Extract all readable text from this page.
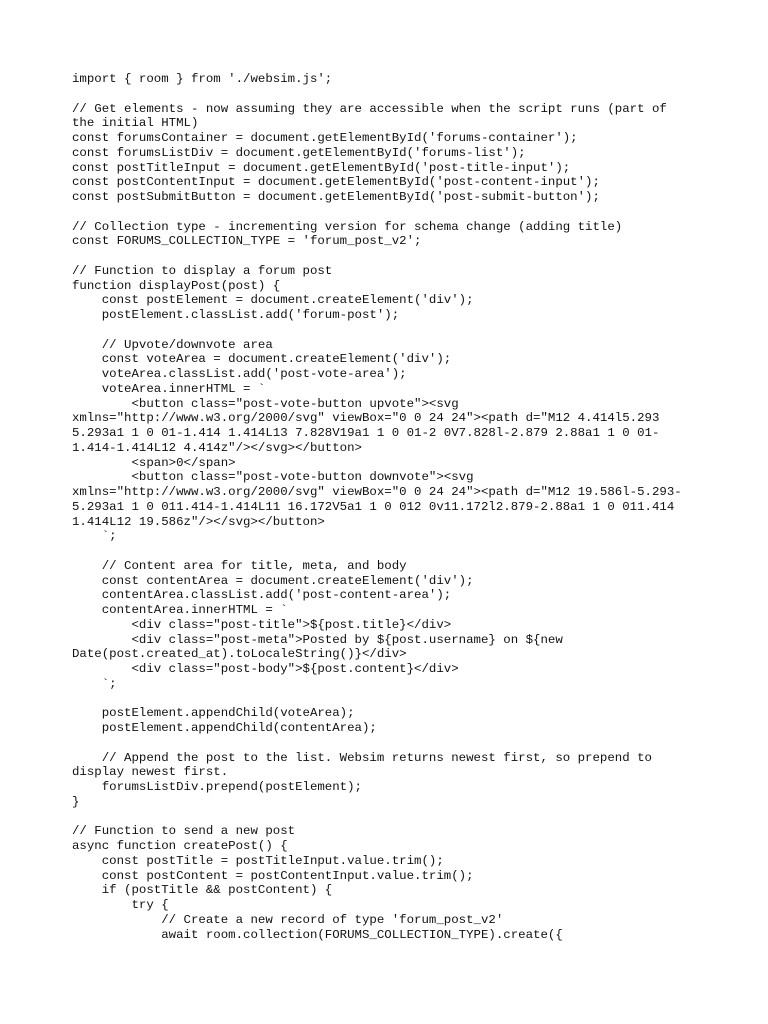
import { room } from './websim.js';
// Get elements - now assuming they are accessible when the script runs (part of
the initial HTML)
const forumsContainer = document.getElementById('forums-container');
const forumsListDiv = document.getElementById('forums-list');
const postTitleInput = document.getElementById('post-title-input');
const postContentInput = document.getElementById('post-content-input');
const postSubmitButton = document.getElementById('post-submit-button');
// Collection type - incrementing version for schema change (adding title)
const FORUMS_COLLECTION_TYPE = 'forum_post_v2';
// Function to display a forum post
function displayPost(post) {
const postElement = document.createElement('div');
postElement.classList.add('forum-post');
// Upvote/downvote area
const voteArea = document.createElement('div');
voteArea.classList.add('post-vote-area');
voteArea.innerHTML = `
<button class="post-vote-button upvote"><svg
xmlns="http://www.w3.org/2000/svg" viewBox="0 0 24 24"><path d="M12 4.414l5.293
5.293a1 1 0 01-1.414 1.414L13 7.828V19a1 1 0 01-2 0V7.828l-2.879 2.88a1 1 0 01-
1.414-1.414L12 4.414z"/></svg></button>
<span>0</span>
<button class="post-vote-button downvote"><svg
xmlns="http://www.w3.org/2000/svg" viewBox="0 0 24 24"><path d="M12 19.586l-5.293-
5.293a1 1 0 011.414-1.414L11 16.172V5a1 1 0 012 0v11.172l2.879-2.88a1 1 0 011.414
1.414L12 19.586z"/></svg></button>
`;
// Content area for title, meta, and body
const contentArea = document.createElement('div');
contentArea.classList.add('post-content-area');
contentArea.innerHTML = `
<div class="post-title">${post.title}</div>
<div class="post-meta">Posted by ${post.username} on ${new
Date(post.created_at).toLocaleString()}</div>
<div class="post-body">${post.content}</div>
`;
postElement.appendChild(voteArea);
postElement.appendChild(contentArea);
// Append the post to the list. Websim returns newest first, so prepend to
display newest first.
forumsListDiv.prepend(postElement);
}
// Function to send a new post
async function createPost() {
const postTitle = postTitleInput.value.trim();
const postContent = postContentInput.value.trim();
if (postTitle && postContent) {
try {
// Create a new record of type 'forum_post_v2'
await room.collection(FORUMS_COLLECTION_TYPE).create({
